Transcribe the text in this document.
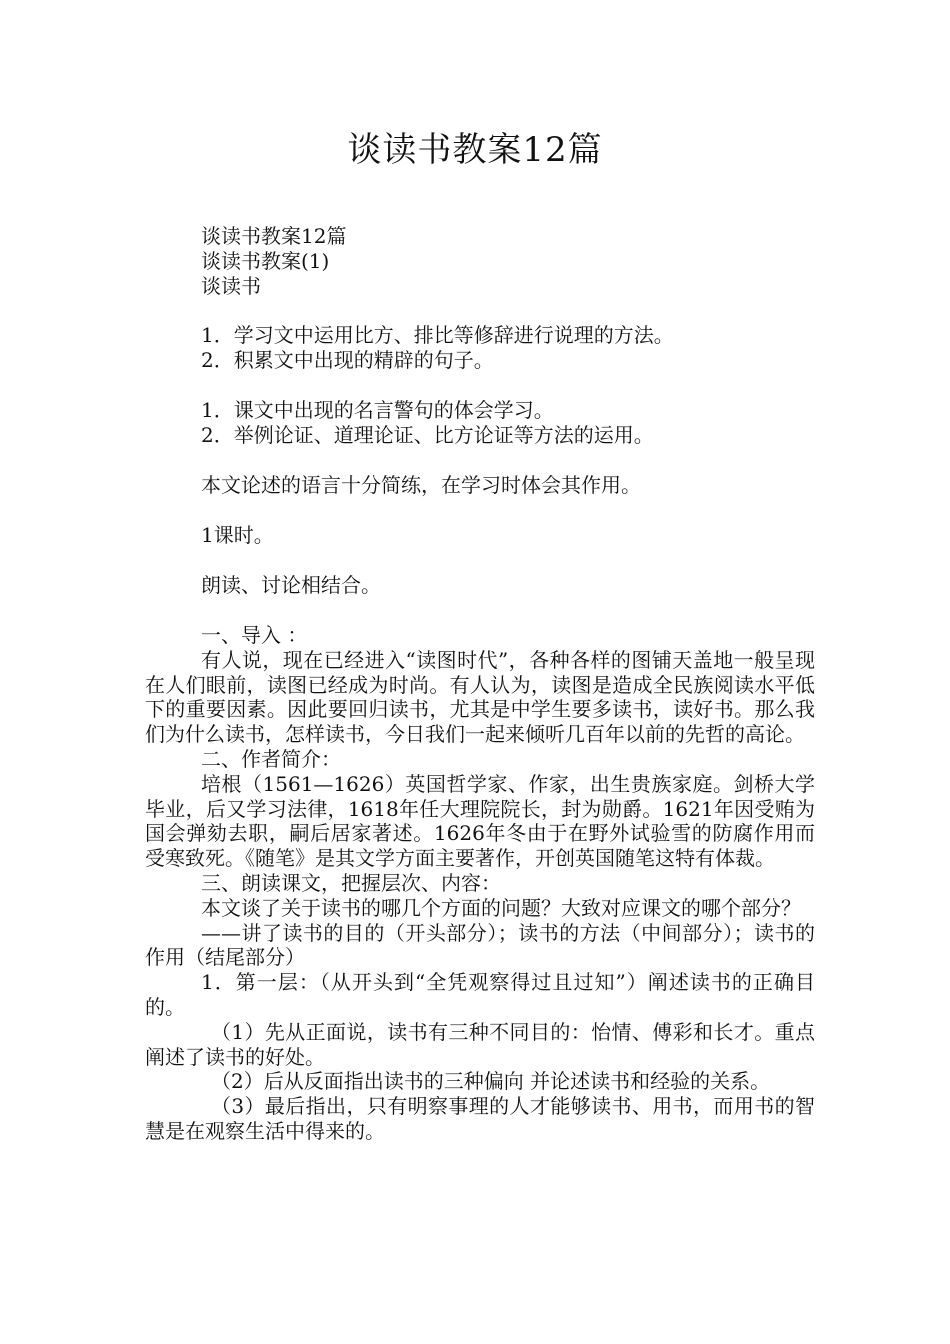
谈读书教案12篇

谈读书教案12篇

谈读书教案(1)

谈读书

1．学习文中运用比方、排比等修辞进行说理的方法。

2．积累文中出现的精辟的句子。

1．课文中出现的名言警句的体会学习。

2．举例论证、道理论证、比方论证等方法的运用。

本文论述的语言十分简练，在学习时体会其作用。

1课时。

朗读、讨论相结合。

一、导入 ：

有人说，现在已经进入“读图时代”，各种各样的图铺天盖地一般呈现在人们眼前，读图已经成为时尚。有人认为，读图是造成全民族阅读水平低下的重要因素。因此要回归读书，尤其是中学生要多读书，读好书。那么我们为什么读书，怎样读书，今日我们一起来倾听几百年以前的先哲的高论。

二、作者简介：

培根（1561—1626）英国哲学家、作家，出生贵族家庭。剑桥大学毕业，后又学习法律，1618年任大理院院长，封为勋爵。1621年因受贿为国会弹劾去职，嗣后居家著述。1626年冬由于在野外试验雪的防腐作用而受寒致死。《随笔》是其文学方面主要著作，开创英国随笔这特有体裁。

三、朗读课文，把握层次、内容：

本文谈了关于读书的哪几个方面的问题？大致对应课文的哪个部分？

——讲了读书的目的（开头部分）；读书的方法（中间部分）；读书的作用（结尾部分）

1．第一层：（从开头到“全凭观察得过且过知”）阐述读书的正确目的。

（1）先从正面说，读书有三种不同目的：怡情、傅彩和长才。重点阐述了读书的好处。

（2）后从反面指出读书的三种偏向 并论述读书和经验的关系。

（3）最后指出，只有明察事理的人才能够读书、用书，而用书的智慧是在观察生活中得来的。
